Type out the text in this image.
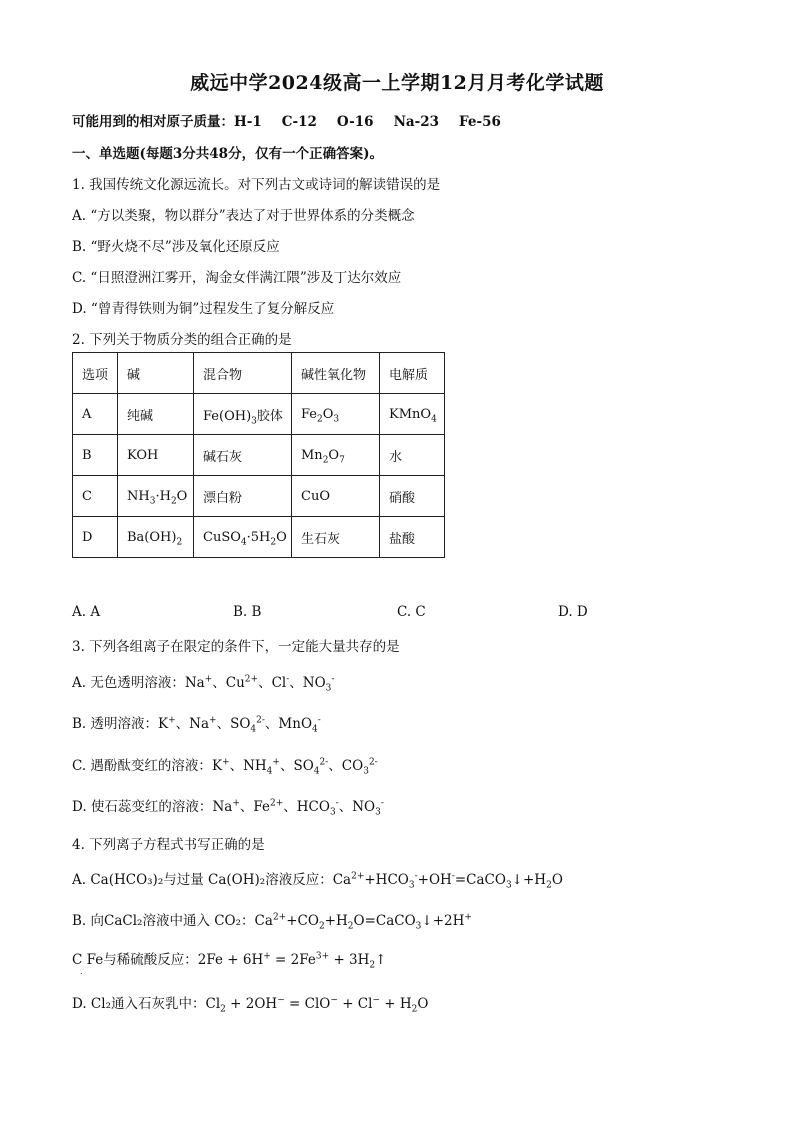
威远中学2024级高一上学期12月月考化学试题
可能用到的相对原子质量：H-1 C-12 O-16 Na-23 Fe-56
一、单选题(每题3分共48分，仅有一个正确答案)。
1. 我国传统文化源远流长。对下列古文或诗词的解读错误的是
A. “方以类聚，物以群分”表达了对于世界体系的分类概念
B. “野火烧不尽”涉及氧化还原反应
C. “日照澄洲江雾开，淘金女伴满江隈”涉及丁达尔效应
D. “曾青得铁则为铜”过程发生了复分解反应
2. 下列关于物质分类的组合正确的是
选项	碱	混合物	碱性氧化物	电解质
A	纯碱	$Fe(OH)_3$胶体	$Fe_2O_3$	KMnO$_4$
B	KOH	碱石灰	$Mn_2O_7$	水
C	$NH_3\cdot H_2O$	漂白粉	CuO	硝酸
D	$Ba(OH)_2$	$CuSO_4\cdot 5H_2O$	生石灰	盐酸
A. A	B. B	C. C	D. D
3. 下列各组离子在限定的条件下，一定能大量共存的是
A. 无色透明溶液：Na+、$Cu^{2+}$、Cl-、$NO_3^-$
B. 透明溶液：K+、Na+、$SO_4^{2-}$、MnO$_4$-
C. 遇酚酞变红的溶液：K+、$NH_4^+$、$SO_4^{2-}$、$CO_3^{2-}$
D. 使石蕊变红的溶液：Na+、$Fe^{2+}$、$HCO_3^-$、$NO_3^-$
4. 下列离子方程式书写正确的是
A. Ca(HCO₃)₂与过量 Ca(OH)₂溶液反应：$Ca^{2+}+HCO_3^-+OH^-=CaCO_3↓+H_2O$
B. 向CaCl₂溶液中通入 CO₂：$Ca^{2+}+CO_2+H_2O=CaCO_3↓+2H^+$
C Fe与稀硫酸反应：$2Fe + 6H^+ = 2Fe^{3+}$ + $3H_2↑$
.
D. Cl₂通入石灰乳中：$Cl_2 + 2OH^- = ClO^- + Cl^- + H_2O$
